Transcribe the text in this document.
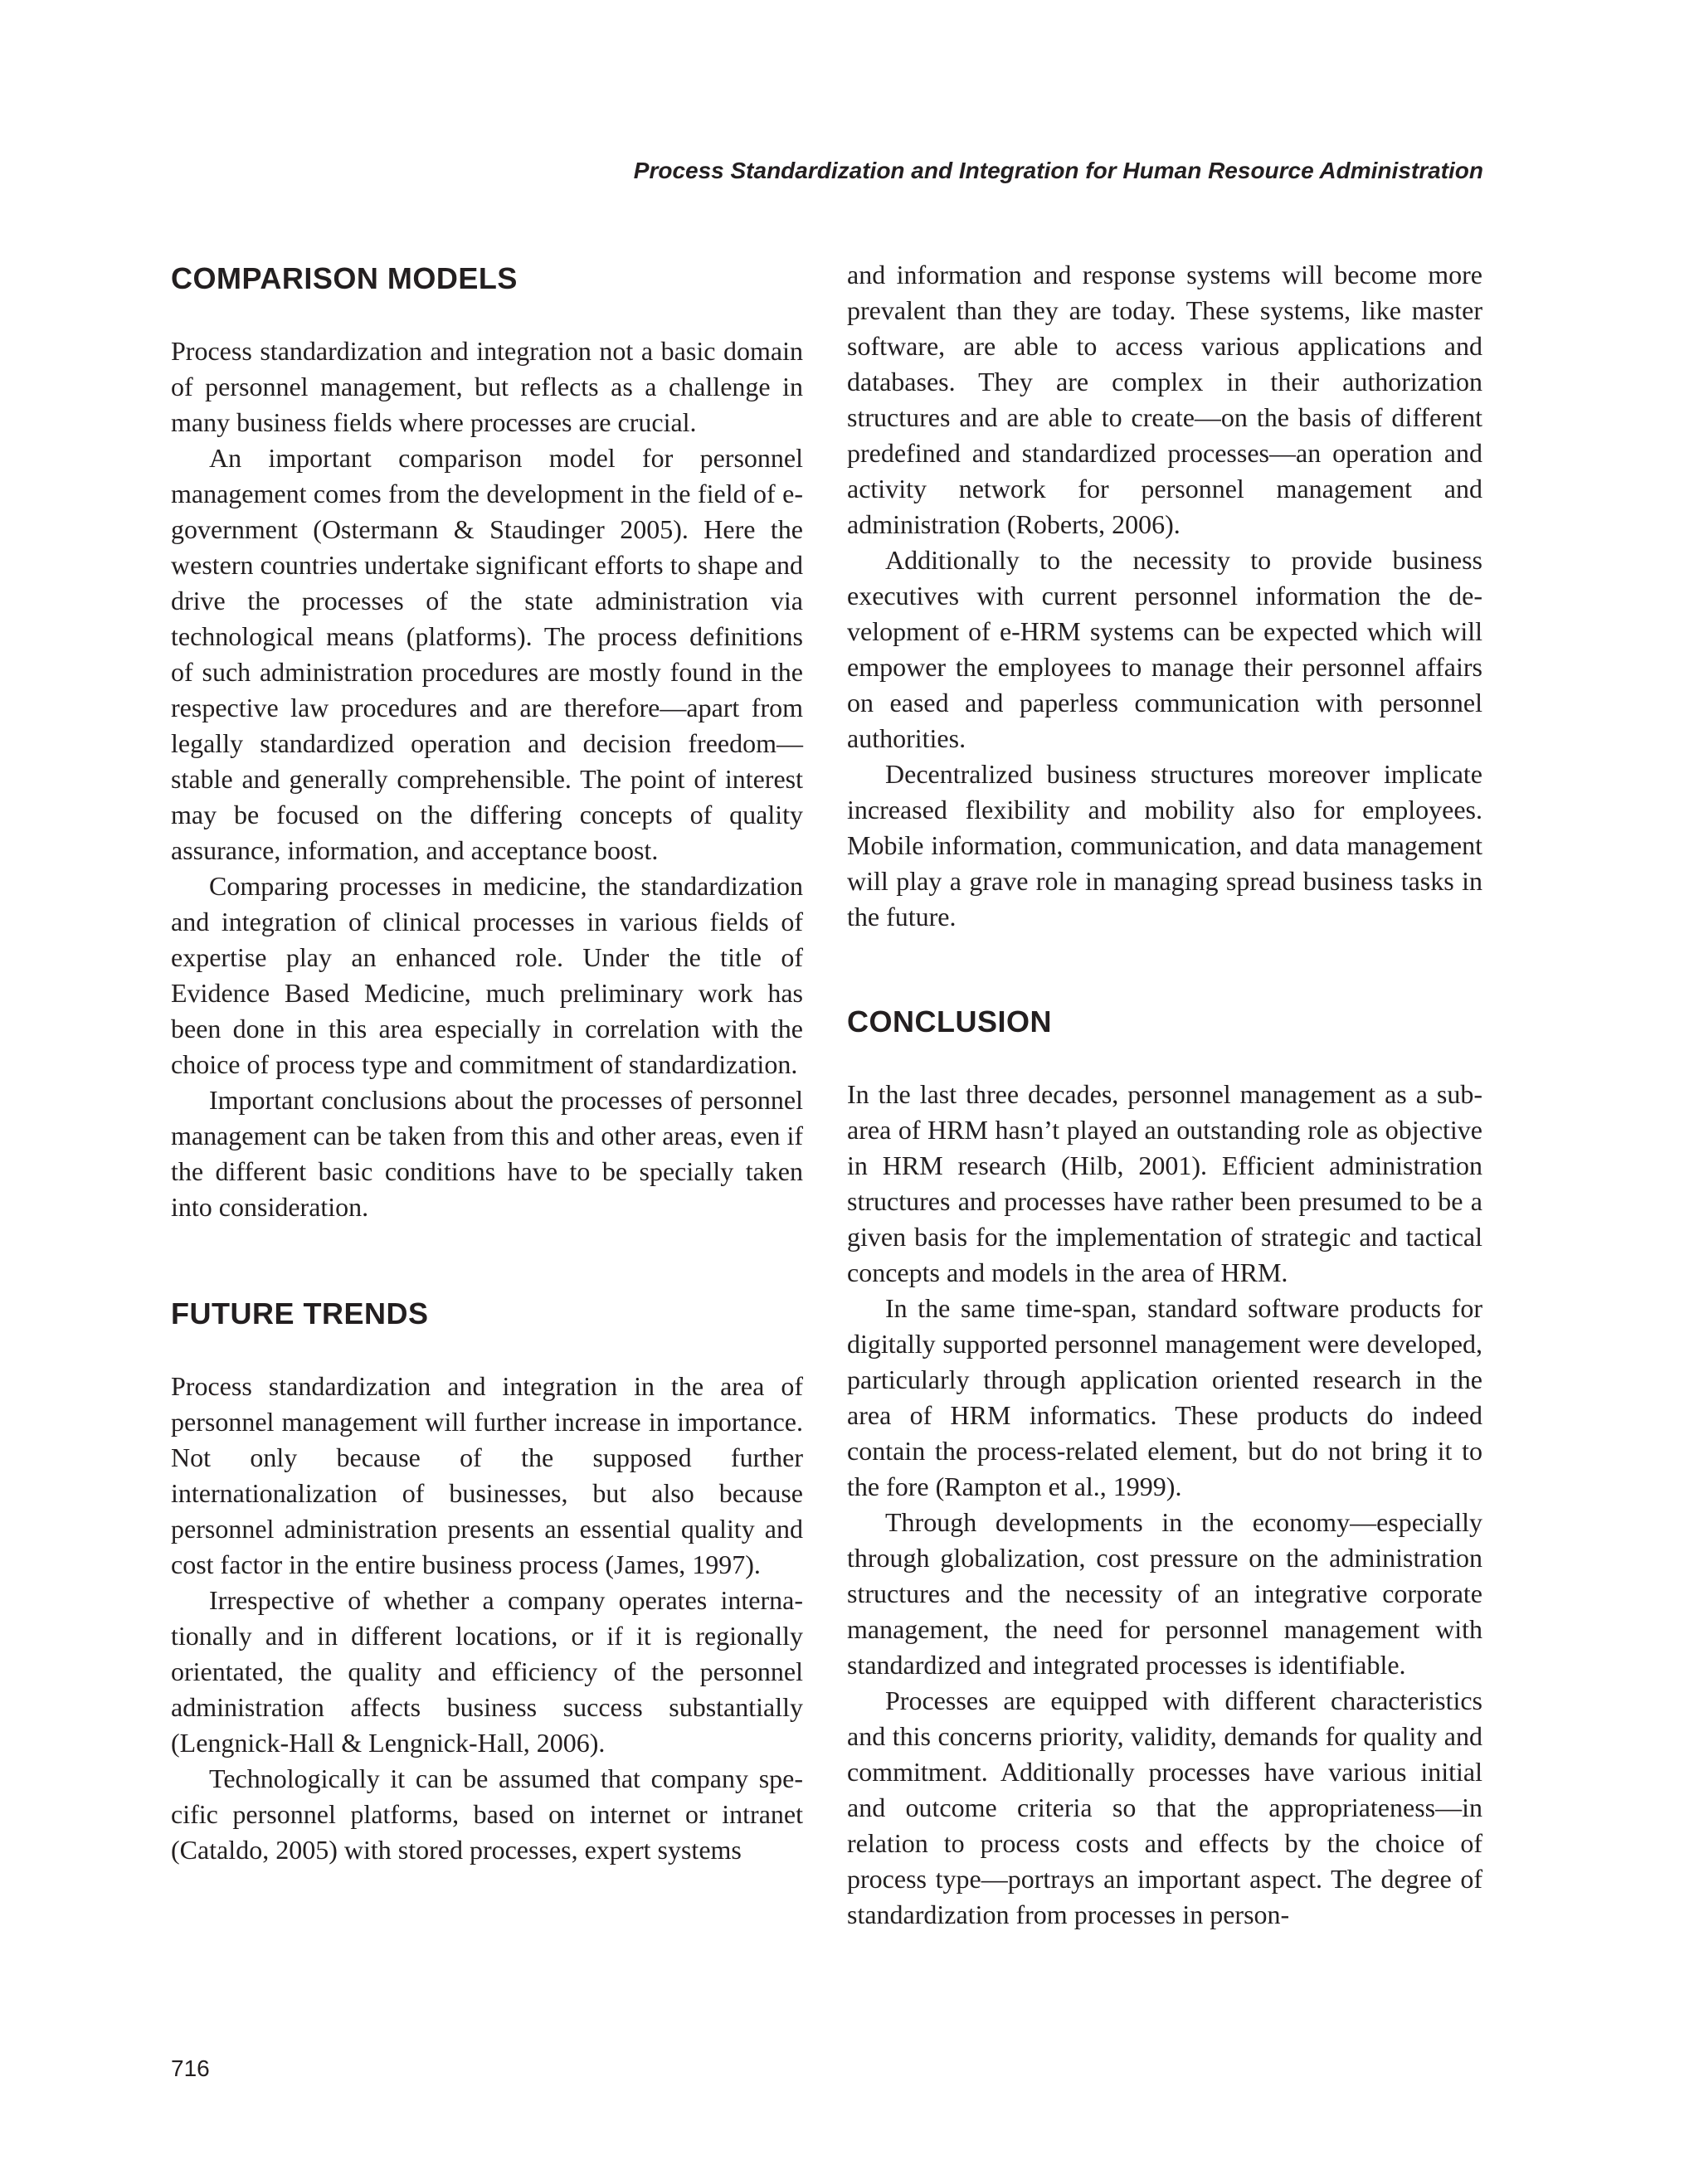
Process Standardization and Integration for Human Resource Administration
COMPARISON MODELS

Process standardization and integration not a basic domain of personnel management, but reflects as a challenge in many business fields where processes are crucial.

An important comparison model for personnel management comes from the development in the field of e-government (Ostermann & Staudinger 2005). Here the western countries undertake significant efforts to shape and drive the processes of the state administration via technological means (platforms). The process definitions of such administration procedures are mostly found in the respective law procedures and are therefore—apart from legally standardized operation and decision freedom—stable and generally comprehensible. The point of interest may be focused on the differing concepts of quality assurance, information, and acceptance boost.

Comparing processes in medicine, the standardization and integration of clinical processes in various fields of expertise play an enhanced role. Under the title of Evidence Based Medicine, much preliminary work has been done in this area especially in correlation with the choice of process type and commitment of standardization.

Important conclusions about the processes of personnel management can be taken from this and other areas, even if the different basic conditions have to be specially taken into consideration.

FUTURE TRENDS

Process standardization and integration in the area of personnel management will further increase in importance. Not only because of the supposed further internationalization of businesses, but also because personnel administration presents an essential quality and cost factor in the entire business process (James, 1997).

Irrespective of whether a company operates internationally and in different locations, or if it is regionally orientated, the quality and efficiency of the personnel administration affects business success substantially (Lengnick-Hall & Lengnick-Hall, 2006).

Technologically it can be assumed that company specific personnel platforms, based on internet or intranet (Cataldo, 2005) with stored processes, expert systems

and information and response systems will become more prevalent than they are today. These systems, like master software, are able to access various applications and databases. They are complex in their authorization structures and are able to create—on the basis of different predefined and standardized processes—an operation and activity network for personnel management and administration (Roberts, 2006).

Additionally to the necessity to provide business executives with current personnel information the development of e-HRM systems can be expected which will empower the employees to manage their personnel affairs on eased and paperless communication with personnel authorities.

Decentralized business structures moreover implicate increased flexibility and mobility also for employees. Mobile information, communication, and data management will play a grave role in managing spread business tasks in the future.

CONCLUSION

In the last three decades, personnel management as a sub-area of HRM hasn’t played an outstanding role as objective in HRM research (Hilb, 2001). Efficient administration structures and processes have rather been presumed to be a given basis for the implementation of strategic and tactical concepts and models in the area of HRM.

In the same time-span, standard software products for digitally supported personnel management were developed, particularly through application oriented research in the area of HRM informatics. These products do indeed contain the process-related element, but do not bring it to the fore (Rampton et al., 1999).

Through developments in the economy—especially through globalization, cost pressure on the administration structures and the necessity of an integrative corporate management, the need for personnel management with standardized and integrated processes is identifiable.

Processes are equipped with different characteristics and this concerns priority, validity, demands for quality and commitment. Additionally processes have various initial and outcome criteria so that the appropriateness—in relation to process costs and effects by the choice of process type—portrays an important aspect. The degree of standardization from processes in person-

716
